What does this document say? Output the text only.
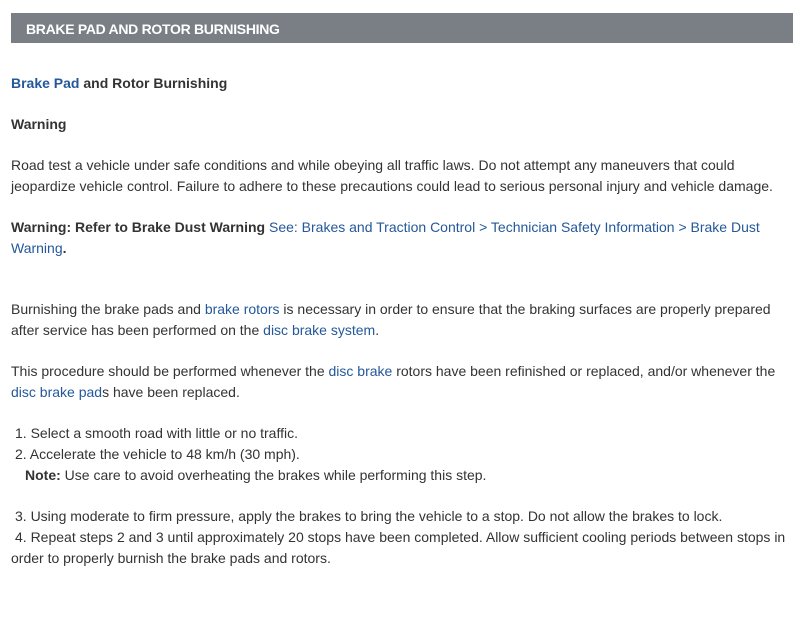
BRAKE PAD AND ROTOR BURNISHING

Brake Pad and Rotor Burnishing

Warning

Road test a vehicle under safe conditions and while obeying all traffic laws. Do not attempt any maneuvers that could jeopardize vehicle control. Failure to adhere to these precautions could lead to serious personal injury and vehicle damage.

Warning: Refer to Brake Dust Warning See: Brakes and Traction Control > Technician Safety Information > Brake Dust Warning.

Burnishing the brake pads and brake rotors is necessary in order to ensure that the braking surfaces are properly prepared after service has been performed on the disc brake system.

This procedure should be performed whenever the disc brake rotors have been refinished or replaced, and/or whenever the disc brake pads have been replaced.

1. Select a smooth road with little or no traffic.

2. Accelerate the vehicle to 48 km/h (30 mph).

Note: Use care to avoid overheating the brakes while performing this step.

3. Using moderate to firm pressure, apply the brakes to bring the vehicle to a stop. Do not allow the brakes to lock.

4. Repeat steps 2 and 3 until approximately 20 stops have been completed. Allow sufficient cooling periods between stops in order to properly burnish the brake pads and rotors.
